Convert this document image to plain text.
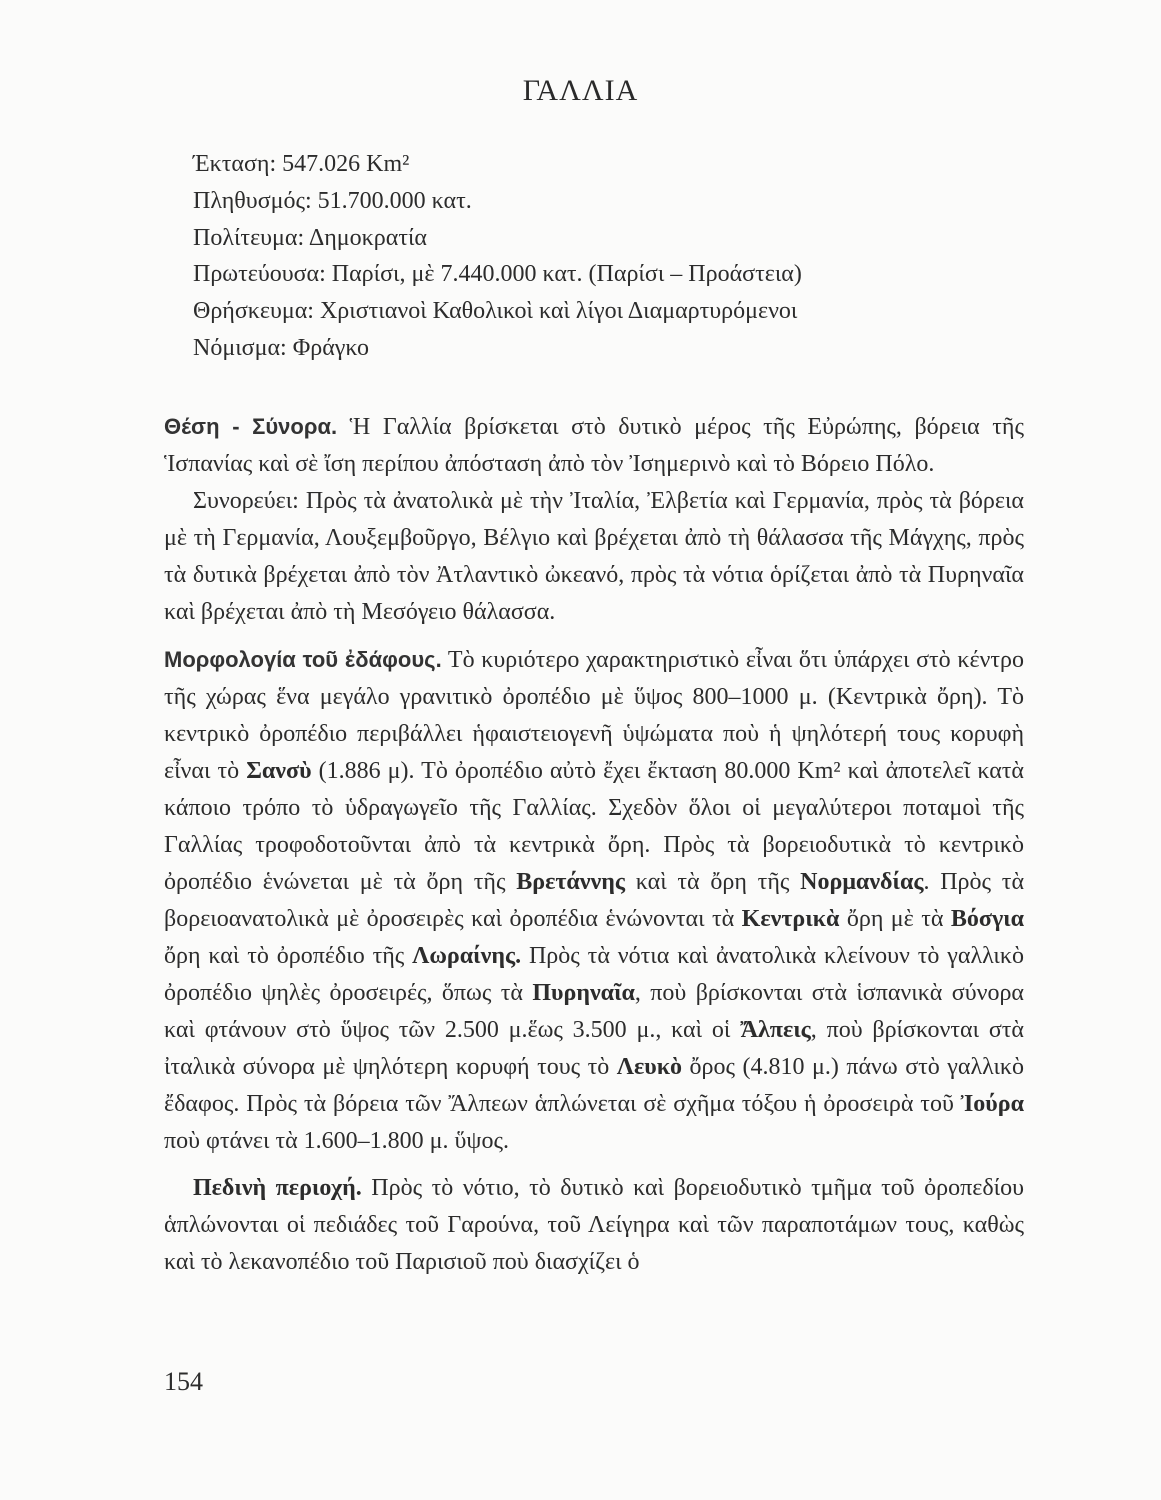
ΓΑΛΛΙΑ
Έκταση: 547.026 Km²
Πληθυσμός: 51.700.000 κατ.
Πολίτευμα: Δημοκρατία
Πρωτεύουσα: Παρίσι, μὲ 7.440.000 κατ. (Παρίσι – Προάστεια)
Θρήσκευμα: Χριστιανοὶ Καθολικοὶ καὶ λίγοι Διαμαρτυρόμενοι
Νόμισμα: Φράγκο

Θέση - Σύνορα. Ἡ Γαλλία βρίσκεται στὸ δυτικὸ μέρος τῆς Εὐρώπης, βόρεια τῆς Ἱσπανίας καὶ σὲ ἴση περίπου ἀπόσταση ἀπὸ τὸν Ἰσημερινὸ καὶ τὸ Βόρειο Πόλο.

Συνορεύει: Πρὸς τὰ ἀνατολικὰ μὲ τὴν Ἰταλία, Ἐλβετία καὶ Γερμανία, πρὸς τὰ βόρεια μὲ τὴ Γερμανία, Λουξεμβοῦργο, Βέλγιο καὶ βρέχεται ἀπὸ τὴ θάλασσα τῆς Μάγχης, πρὸς τὰ δυτικὰ βρέχεται ἀπὸ τὸν Ἀτλαντικὸ ὠκεανό, πρὸς τὰ νότια ὁρίζεται ἀπὸ τὰ Πυρηναῖα καὶ βρέχεται ἀπὸ τὴ Μεσόγειο θάλασσα.

Μορφολογία τοῦ ἐδάφους. Τὸ κυριότερο χαρακτηριστικὸ εἶναι ὅτι ὑπάρχει στὸ κέντρο τῆς χώρας ἕνα μεγάλο γρανιτικὸ ὀροπέδιο μὲ ὕψος 800–1000 μ. (Κεντρικὰ ὄρη). Τὸ κεντρικὸ ὀροπέδιο περιβάλλει ἡφαιστειογενῆ ὑψώματα ποὺ ἡ ψηλότερή τους κορυφὴ εἶναι τὸ Σανσὺ (1.886 μ). Τὸ ὀροπέδιο αὐτὸ ἔχει ἔκταση 80.000 Km² καὶ ἀποτελεῖ κατὰ κάποιο τρόπο τὸ ὑδραγωγεῖο τῆς Γαλλίας. Σχεδὸν ὅλοι οἱ μεγαλύτεροι ποταμοὶ τῆς Γαλλίας τροφοδοτοῦνται ἀπὸ τὰ κεντρικὰ ὄρη. Πρὸς τὰ βορειοδυτικὰ τὸ κεντρικὸ ὀροπέδιο ἑνώνεται μὲ τὰ ὄρη τῆς Βρετάννης καὶ τὰ ὄρη τῆς Νορμανδίας. Πρὸς τὰ βορειοανατολικὰ μὲ ὀροσειρὲς καὶ ὀροπέδια ἑνώνονται τὰ Κεντρικὰ ὄρη μὲ τὰ Βόσγια ὄρη καὶ τὸ ὀροπέδιο τῆς Λωραίνης. Πρὸς τὰ νότια καὶ ἀνατολικὰ κλείνουν τὸ γαλλικὸ ὀροπέδιο ψηλὲς ὀροσειρές, ὅπως τὰ Πυρηναῖα, ποὺ βρίσκονται στὰ ἱσπανικὰ σύνορα καὶ φτάνουν στὸ ὕψος τῶν 2.500 μ.ἕως 3.500 μ., καὶ οἱ Ἄλπεις, ποὺ βρίσκονται στὰ ἰταλικὰ σύνορα μὲ ψηλότερη κορυφή τους τὸ Λευκὸ ὄρος (4.810 μ.) πάνω στὸ γαλλικὸ ἔδαφος. Πρὸς τὰ βόρεια τῶν Ἄλπεων ἁπλώνεται σὲ σχῆμα τόξου ἡ ὀροσειρὰ τοῦ Ἰούρα ποὺ φτάνει τὰ 1.600–1.800 μ. ὕψος.

Πεδινὴ περιοχή. Πρὸς τὸ νότιο, τὸ δυτικὸ καὶ βορειοδυτικὸ τμῆμα τοῦ ὀροπεδίου ἁπλώνονται οἱ πεδιάδες τοῦ Γαρούνα, τοῦ Λείγηρα καὶ τῶν παραποτάμων τους, καθὼς καὶ τὸ λεκανοπέδιο τοῦ Παρισιοῦ ποὺ διασχίζει ὁ

154
